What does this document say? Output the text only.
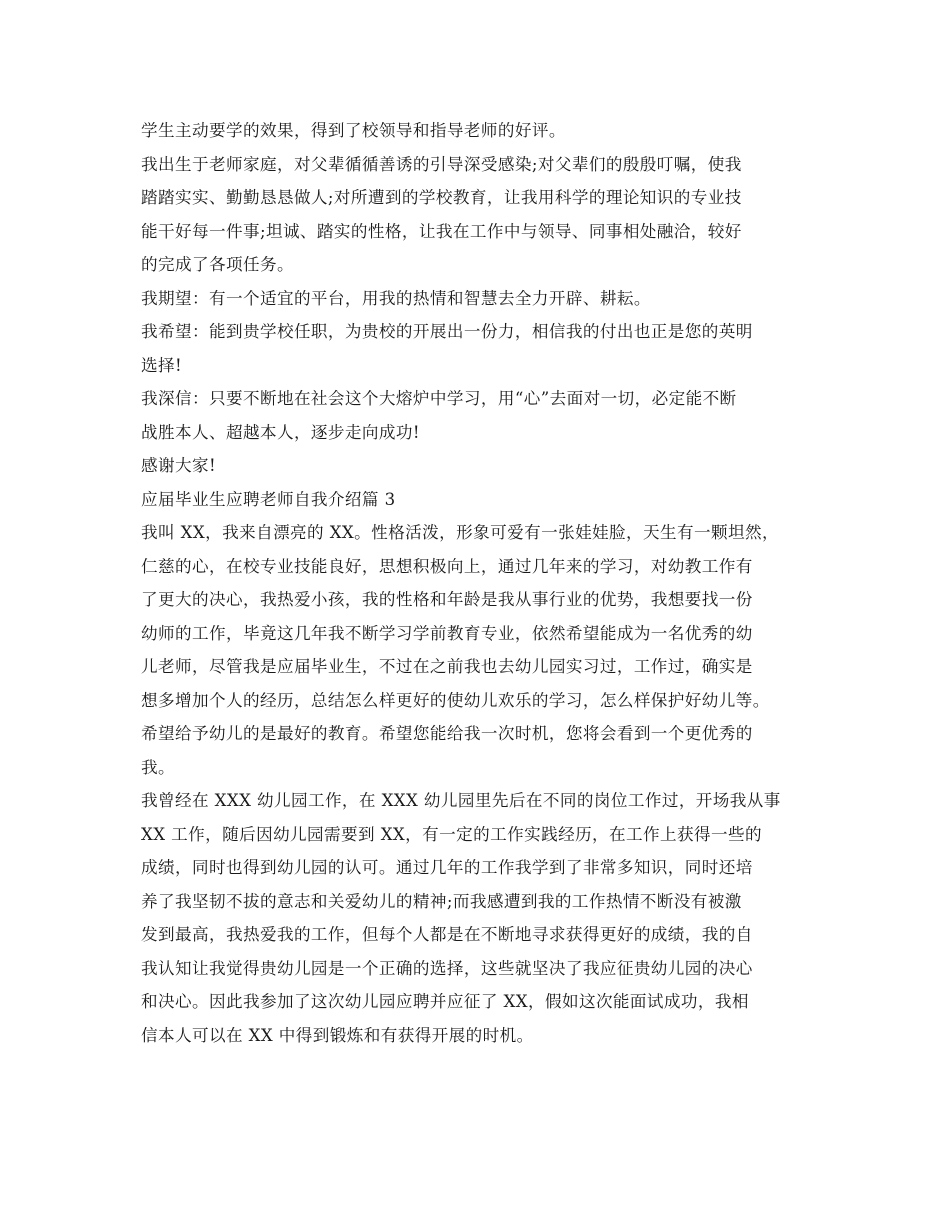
学生主动要学的效果，得到了校领导和指导老师的好评。
我出生于老师家庭，对父辈循循善诱的引导深受感染;对父辈们的殷殷叮嘱，使我
踏踏实实、勤勤恳恳做人;对所遭到的学校教育，让我用科学的理论知识的专业技
能干好每一件事;坦诚、踏实的性格，让我在工作中与领导、同事相处融洽，较好
的完成了各项任务。
我期望：有一个适宜的平台，用我的热情和智慧去全力开辟、耕耘。
我希望：能到贵学校任职，为贵校的开展出一份力，相信我的付出也正是您的英明
选择!
我深信：只要不断地在社会这个大熔炉中学习，用“心”去面对一切，必定能不断
战胜本人、超越本人，逐步走向成功!
感谢大家!
应届毕业生应聘老师自我介绍篇 3
我叫 XX，我来自漂亮的 XX。性格活泼，形象可爱有一张娃娃脸，天生有一颗坦然，
仁慈的心，在校专业技能良好，思想积极向上，通过几年来的学习，对幼教工作有
了更大的决心，我热爱小孩，我的性格和年龄是我从事行业的优势，我想要找一份
幼师的工作，毕竟这几年我不断学习学前教育专业，依然希望能成为一名优秀的幼
儿老师，尽管我是应届毕业生，不过在之前我也去幼儿园实习过，工作过，确实是
想多增加个人的经历，总结怎么样更好的使幼儿欢乐的学习，怎么样保护好幼儿等。
希望给予幼儿的是最好的教育。希望您能给我一次时机，您将会看到一个更优秀的
我。
我曾经在 XXX 幼儿园工作，在 XXX 幼儿园里先后在不同的岗位工作过，开场我从事
XX 工作，随后因幼儿园需要到 XX，有一定的工作实践经历，在工作上获得一些的
成绩，同时也得到幼儿园的认可。通过几年的工作我学到了非常多知识，同时还培
养了我坚韧不拔的意志和关爱幼儿的精神;而我感遭到我的工作热情不断没有被激
发到最高，我热爱我的工作，但每个人都是在不断地寻求获得更好的成绩，我的自
我认知让我觉得贵幼儿园是一个正确的选择，这些就坚决了我应征贵幼儿园的决心
和决心。因此我参加了这次幼儿园应聘并应征了 XX，假如这次能面试成功，我相
信本人可以在 XX 中得到锻炼和有获得开展的时机。
